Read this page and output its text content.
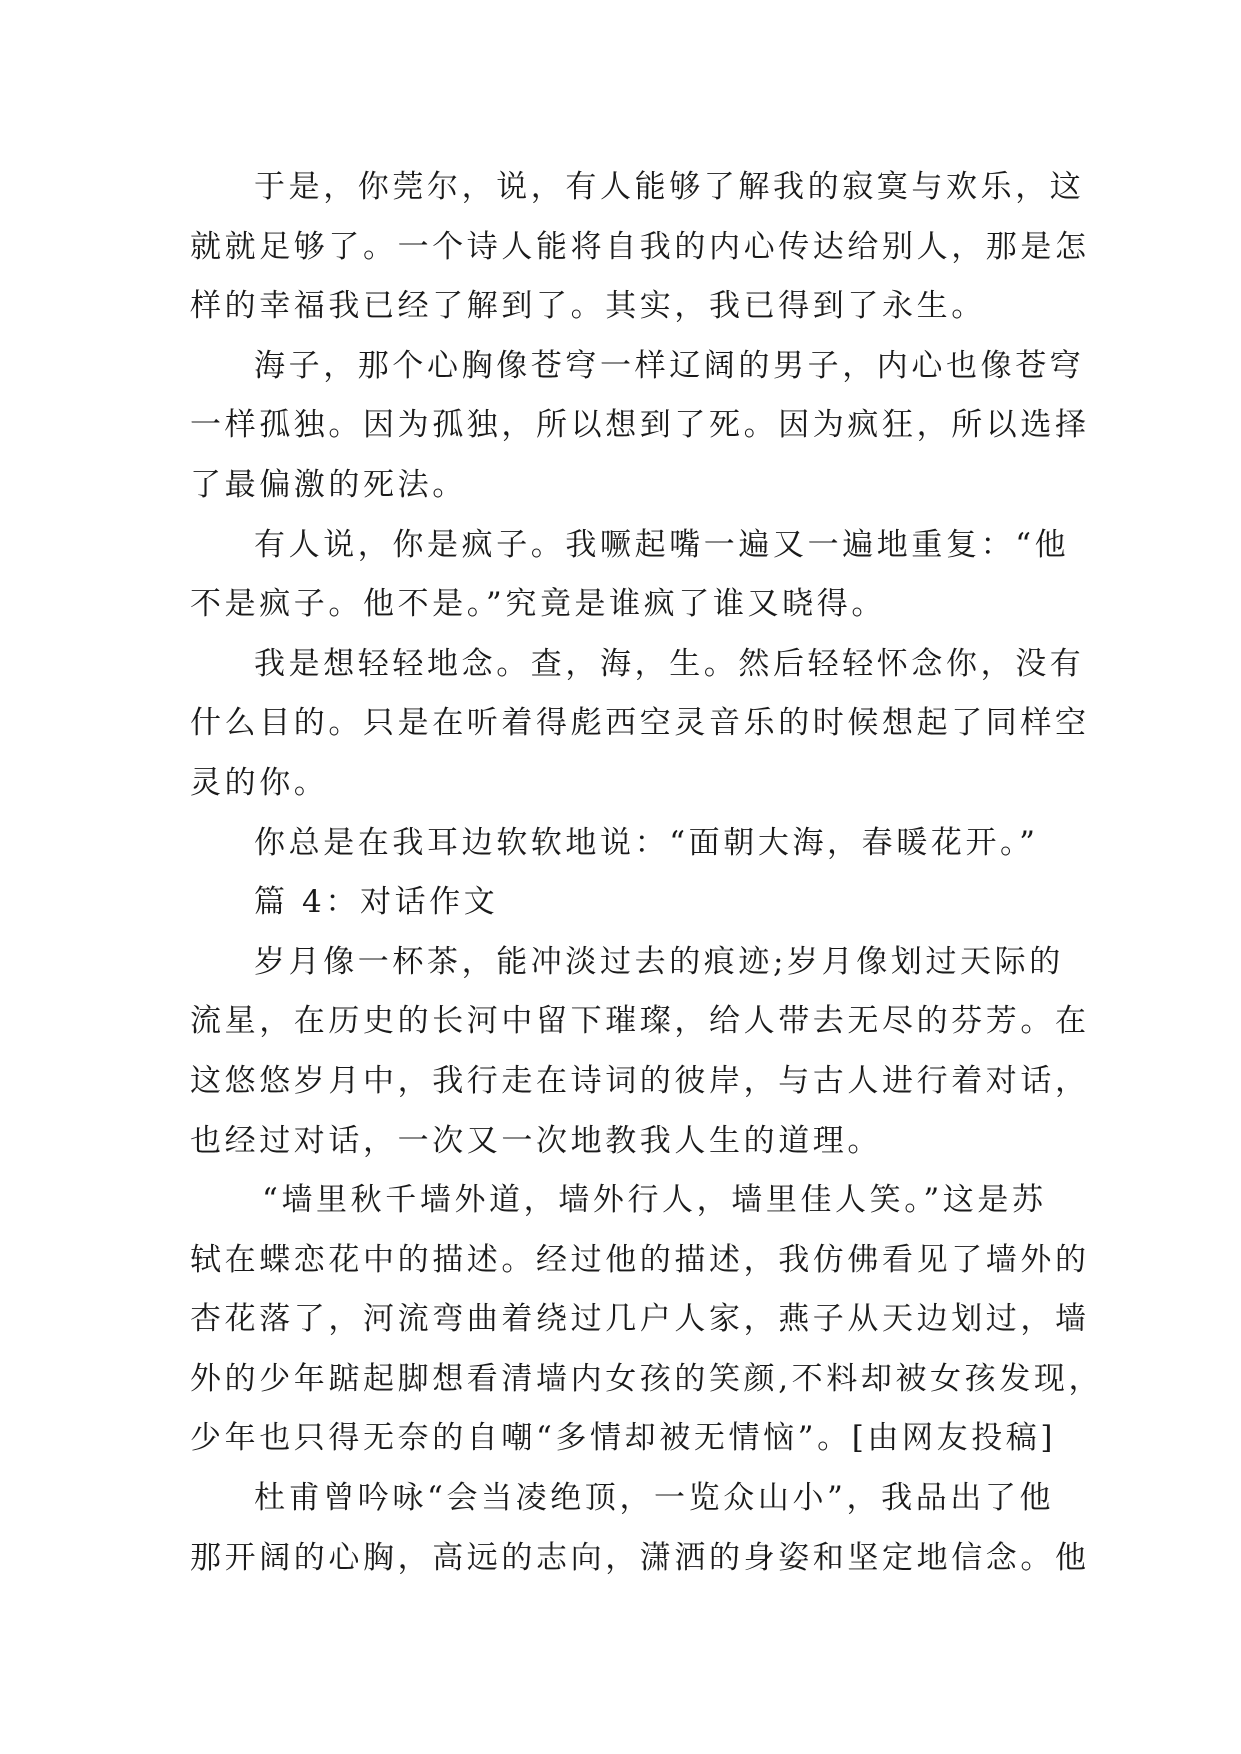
于是，你莞尔，说，有人能够了解我的寂寞与欢乐，这
就就足够了。一个诗人能将自我的内心传达给别人，那是怎
样的幸福我已经了解到了。其实，我已得到了永生。
海子，那个心胸像苍穹一样辽阔的男子，内心也像苍穹
一样孤独。因为孤独，所以想到了死。因为疯狂，所以选择
了最偏激的死法。
有人说，你是疯子。我噘起嘴一遍又一遍地重复：“他
不是疯子。他不是。”究竟是谁疯了谁又晓得。
我是想轻轻地念。查，海，生。然后轻轻怀念你，没有
什么目的。只是在听着得彪西空灵音乐的时候想起了同样空
灵的你。
你总是在我耳边软软地说：“面朝大海，春暖花开。”
篇 4：对话作文
岁月像一杯茶，能冲淡过去的痕迹;岁月像划过天际的
流星，在历史的长河中留下璀璨，给人带去无尽的芬芳。在
这悠悠岁月中，我行走在诗词的彼岸，与古人进行着对话，
也经过对话，一次又一次地教我人生的道理。
“墙里秋千墙外道，墙外行人，墙里佳人笑。”这是苏
轼在蝶恋花中的描述。经过他的描述，我仿佛看见了墙外的
杏花落了，河流弯曲着绕过几户人家，燕子从天边划过，墙
外的少年踮起脚想看清墙内女孩的笑颜,不料却被女孩发现，
少年也只得无奈的自嘲“多情却被无情恼”。[由网友投稿]
杜甫曾吟咏“会当凌绝顶，一览众山小”，我品出了他
那开阔的心胸，高远的志向，潇洒的身姿和坚定地信念。他
